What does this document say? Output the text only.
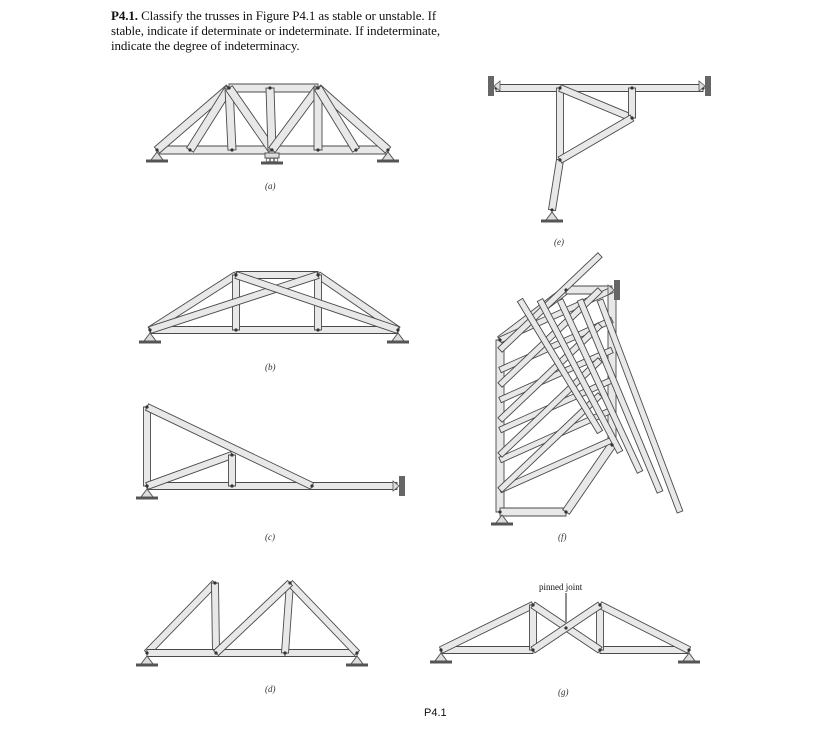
P4.1. Classify the trusses in Figure P4.1 as stable or unstable. If stable, indicate if determinate or indeterminate. If indeterminate, indicate the degree of indeterminacy.
pinned joint
(a)
(b)
(c)
(d)
(e)
(f)
(g)
P4.1
